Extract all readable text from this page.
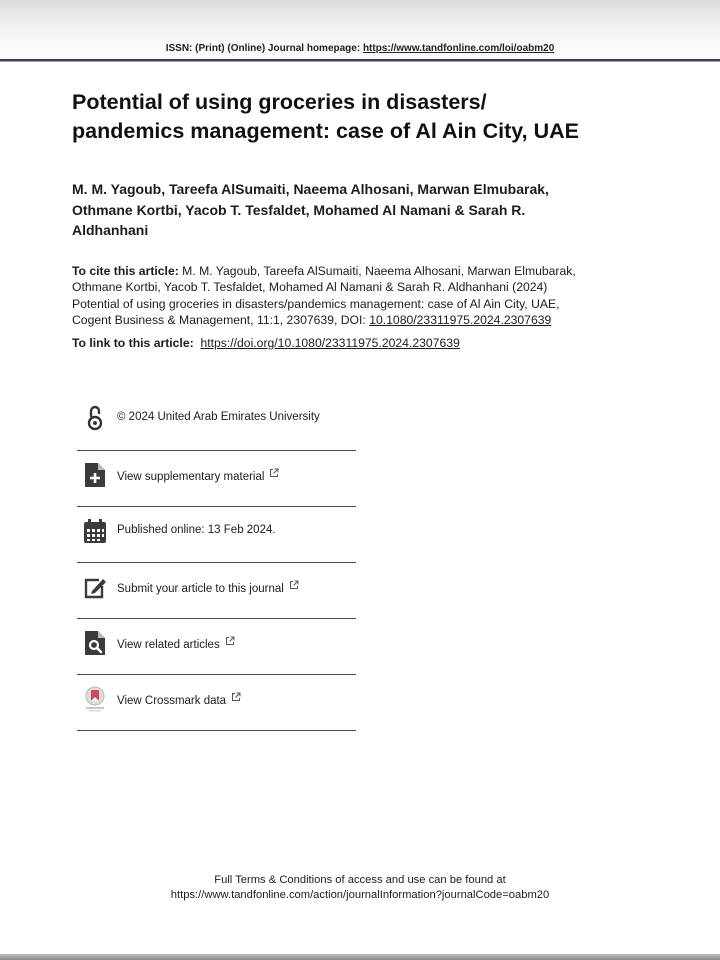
ISSN: (Print) (Online) Journal homepage: https://www.tandfonline.com/loi/oabm20
Potential of using groceries in disasters/
pandemics management: case of Al Ain City, UAE
M. M. Yagoub, Tareefa AlSumaiti, Naeema Alhosani, Marwan Elmubarak,
Othmane Kortbi, Yacob T. Tesfaldet, Mohamed Al Namani & Sarah R.
Aldhanhani
To cite this article: M. M. Yagoub, Tareefa AlSumaiti, Naeema Alhosani, Marwan Elmubarak,
Othmane Kortbi, Yacob T. Tesfaldet, Mohamed Al Namani & Sarah R. Aldhanhani (2024)
Potential of using groceries in disasters/pandemics management: case of Al Ain City, UAE,
Cogent Business & Management, 11:1, 2307639, DOI: 10.1080/23311975.2024.2307639
To link to this article: https://doi.org/10.1080/23311975.2024.2307639
© 2024 United Arab Emirates University
View supplementary material
Published online: 13 Feb 2024.
Submit your article to this journal
View related articles
View Crossmark data
Full Terms & Conditions of access and use can be found at
https://www.tandfonline.com/action/journalInformation?journalCode=oabm20
